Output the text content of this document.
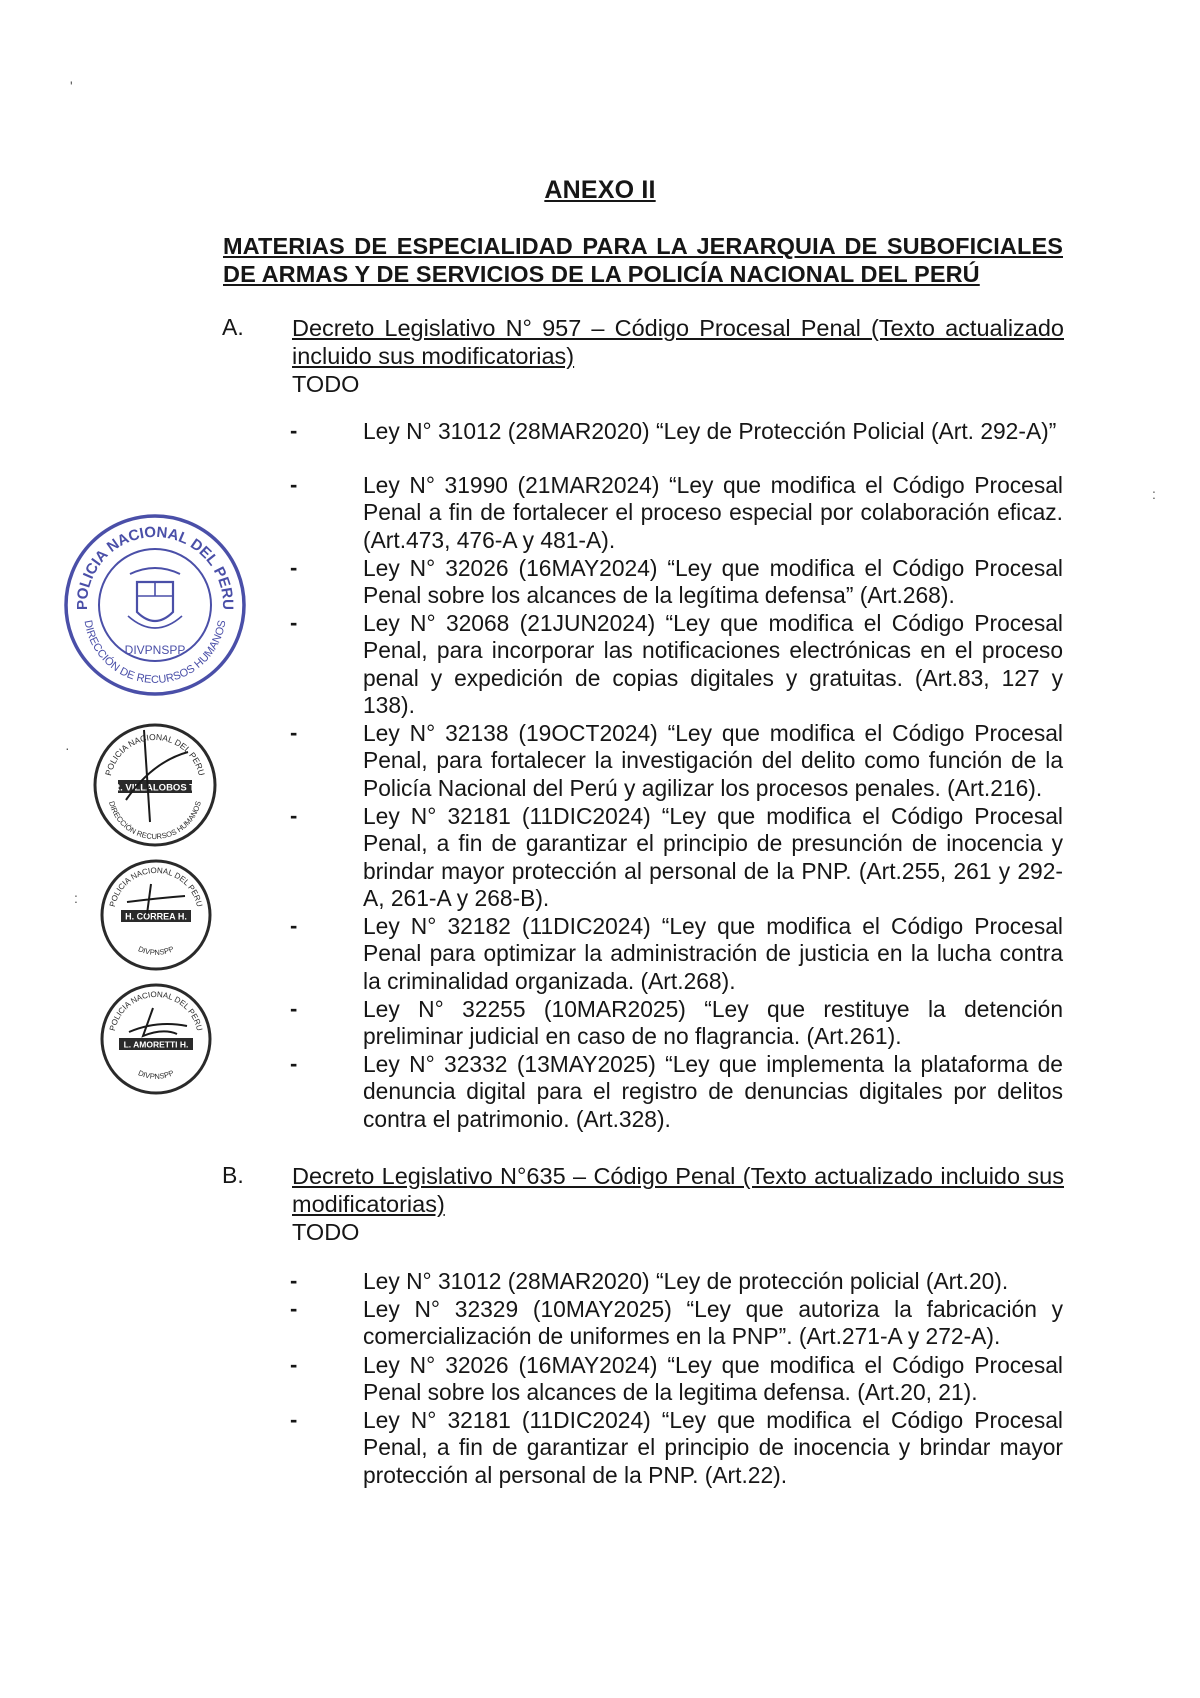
'
:
·
:
ANEXO II
MATERIAS DE ESPECIALIDAD PARA LA JERARQUIA DE SUBOFICIALES DE ARMAS Y DE SERVICIOS DE LA POLICÍA NACIONAL DEL PERÚ
A. Decreto Legislativo N° 957 – Código Procesal Penal (Texto actualizado incluido sus modificatorias)
TODO
-	Ley N° 31012 (28MAR2020) “Ley de Protección Policial (Art. 292-A)”
-	Ley N° 31990 (21MAR2024) “Ley que modifica el Código Procesal Penal a fin de fortalecer el proceso especial por colaboración eficaz. (Art.473, 476-A y 481-A).
-	Ley N° 32026 (16MAY2024) “Ley que modifica el Código Procesal Penal sobre los alcances de la legítima defensa” (Art.268).
-	Ley N° 32068 (21JUN2024) “Ley que modifica el Código Procesal Penal, para incorporar las notificaciones electrónicas en el proceso penal y expedición de copias digitales y gratuitas. (Art.83, 127 y 138).
-	Ley N° 32138 (19OCT2024) “Ley que modifica el Código Procesal Penal, para fortalecer la investigación del delito como función de la Policía Nacional del Perú y agilizar los procesos penales. (Art.216).
-	Ley N° 32181 (11DIC2024) “Ley que modifica el Código Procesal Penal, a fin de garantizar el principio de presunción de inocencia y brindar mayor protección al personal de la PNP. (Art.255, 261 y 292-A, 261-A y 268-B).
-	Ley N° 32182 (11DIC2024) “Ley que modifica el Código Procesal Penal para optimizar la administración de justicia en la lucha contra la criminalidad organizada. (Art.268).
-	Ley N° 32255 (10MAR2025) “Ley que restituye la detención preliminar judicial en caso de no flagrancia. (Art.261).
-	Ley N° 32332 (13MAY2025) “Ley que implementa la plataforma de denuncia digital para el registro de denuncias digitales por delitos contra el patrimonio. (Art.328).
B. Decreto Legislativo N°635 – Código Penal (Texto actualizado incluido sus modificatorias)
TODO
-	Ley N° 31012 (28MAR2020) “Ley de protección policial (Art.20).
-	Ley N° 32329 (10MAY2025) “Ley que autoriza la fabricación y comercialización de uniformes en la PNP”. (Art.271-A y 272-A).
-	Ley N° 32026 (16MAY2024) “Ley que modifica el Código Procesal Penal sobre los alcances de la legitima defensa. (Art.20, 21).
-	Ley N° 32181 (11DIC2024) “Ley que modifica el Código Procesal Penal, a fin de garantizar el principio de inocencia y brindar mayor protección al personal de la PNP. (Art.22).
POLICIA NACIONAL DEL PERU
DIRECCIÓN DE RECURSOS HUMANOS
DIVPNSPP
POLICIA NACIONAL DEL PERU
DIRECCIÓN RECURSOS HUMANOS
R. VILLALOBOS T.
POLICIA NACIONAL DEL PERU
DIVPNSPP
H. CORREA H.
POLICIA NACIONAL DEL PERU
DIVPNSPP
L. AMORETTI H.
